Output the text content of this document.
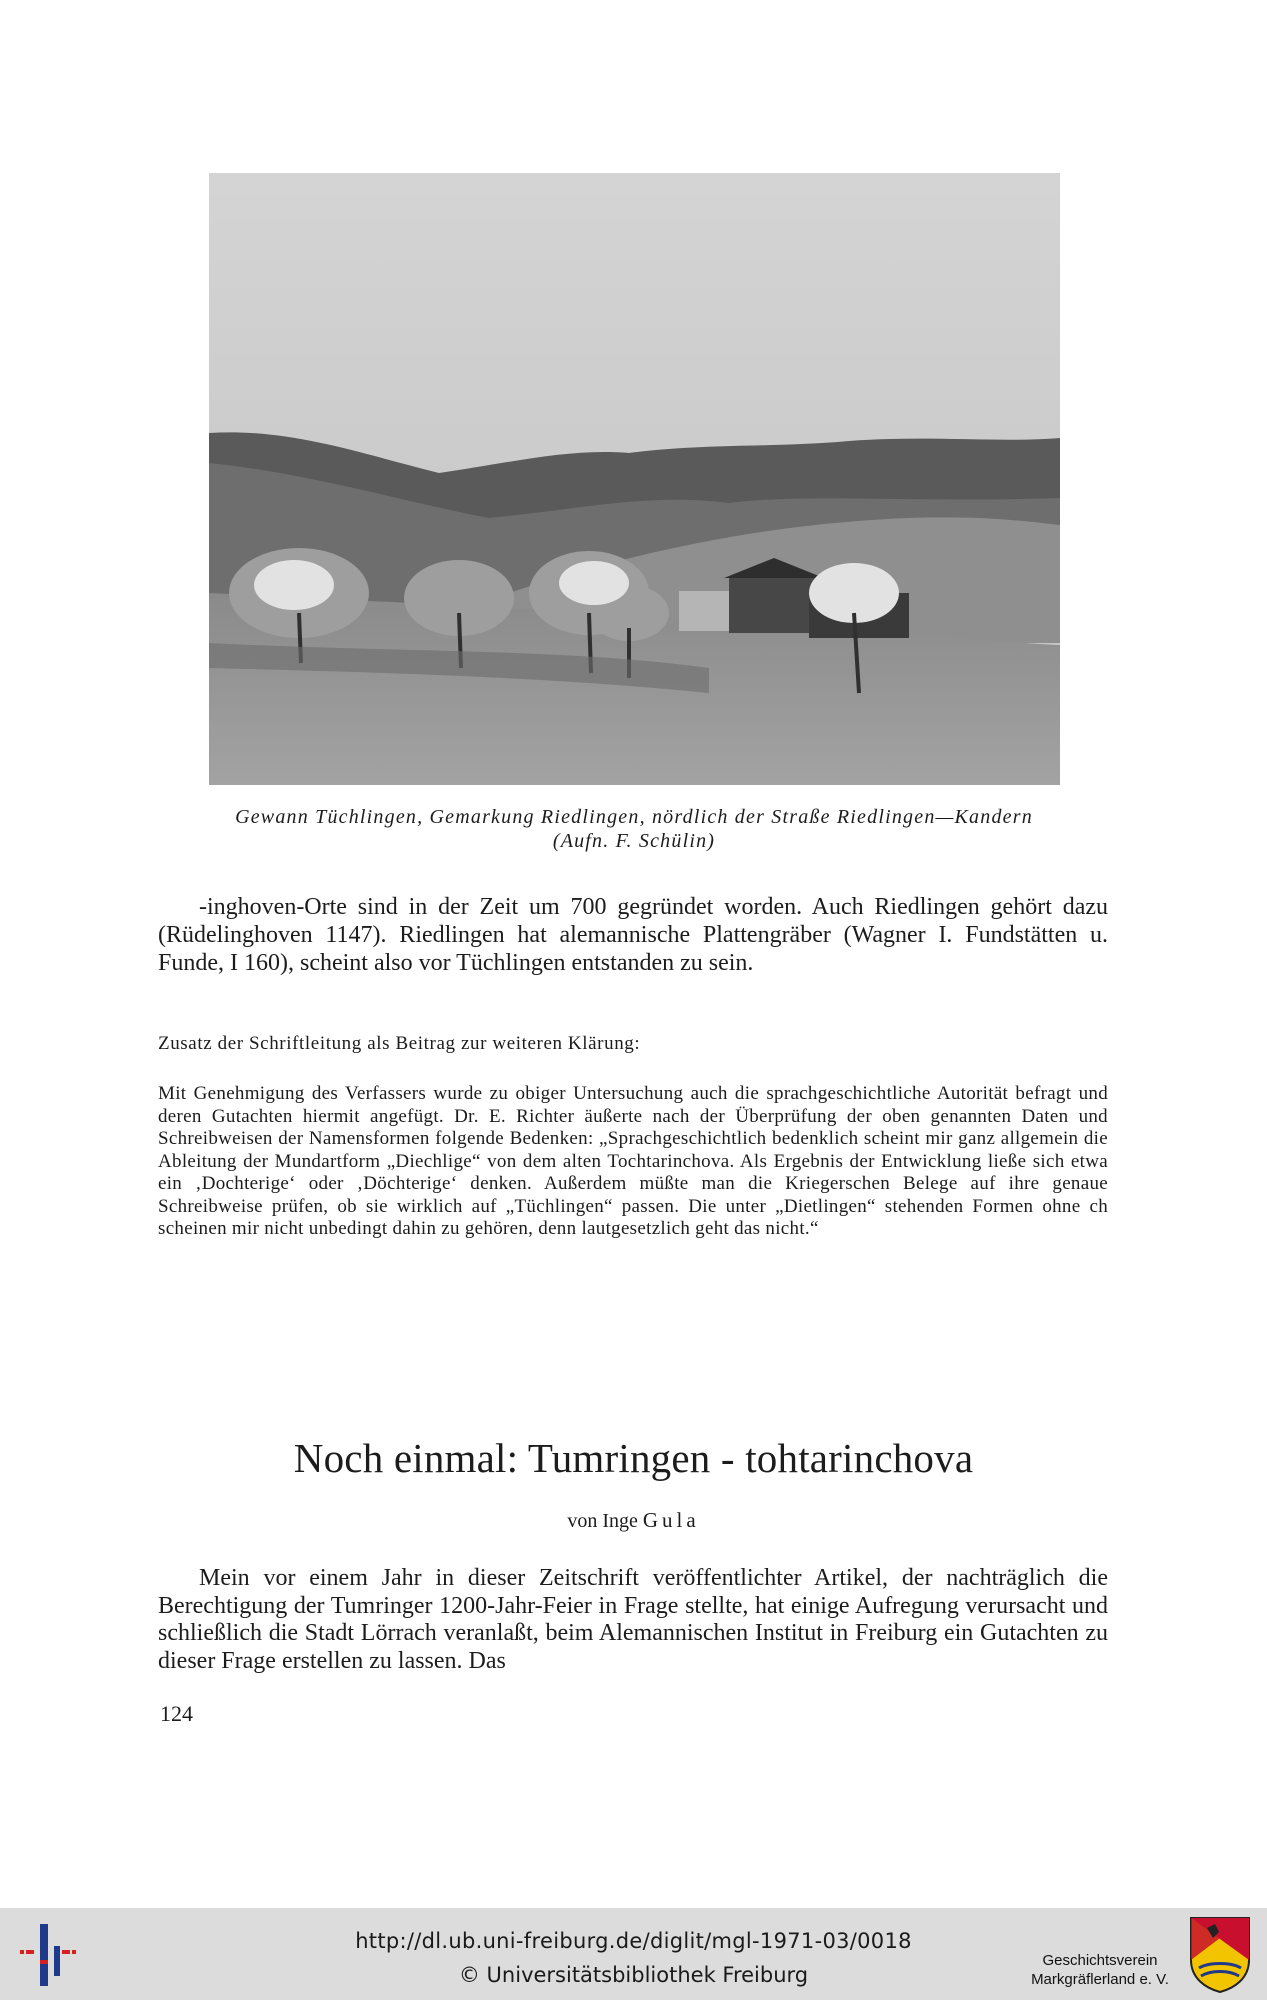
Gewann Tüchlingen, Gemarkung Riedlingen, nördlich der Straße Riedlingen—Kandern
(Aufn. F. Schülin)

-inghoven-Orte sind in der Zeit um 700 gegründet worden. Auch Riedlingen gehört dazu (Rüdelinghoven 1147). Riedlingen hat alemannische Plattengräber (Wagner I. Fundstätten u. Funde, I 160), scheint also vor Tüchlingen entstanden zu sein.

Zusatz der Schriftleitung als Beitrag zur weiteren Klärung:

Mit Genehmigung des Verfassers wurde zu obiger Untersuchung auch die sprachgeschichtliche Autorität befragt und deren Gutachten hiermit angefügt. Dr. E. Richter äußerte nach der Überprüfung der oben genannten Daten und Schreibweisen der Namensformen folgende Bedenken: „Sprachgeschichtlich bedenklich scheint mir ganz allgemein die Ableitung der Mundartform „Diechlige“ von dem alten Tochtarinchova. Als Ergebnis der Entwicklung ließe sich etwa ein ‚Dochterige‘ oder ‚Döchterige‘ denken. Außerdem müßte man die Kriegerschen Belege auf ihre genaue Schreibweise prüfen, ob sie wirklich auf „Tüchlingen“ passen. Die unter „Dietlingen“ stehenden Formen ohne ch scheinen mir nicht unbedingt dahin zu gehören, denn lautgesetzlich geht das nicht.“

Noch einmal: Tumringen - tohtarinchova
von Inge Gula

Mein vor einem Jahr in dieser Zeitschrift veröffentlichter Artikel, der nachträglich die Berechtigung der Tumringer 1200-Jahr-Feier in Frage stellte, hat einige Aufregung verursacht und schließlich die Stadt Lörrach veranlaßt, beim Alemannischen Institut in Freiburg ein Gutachten zu dieser Frage erstellen zu lassen. Das

124
http://dl.ub.uni-freiburg.de/diglit/mgl-1971-03/0018
© Universitätsbibliothek Freiburg
Geschichtsverein
Markgräflerland e. V.
